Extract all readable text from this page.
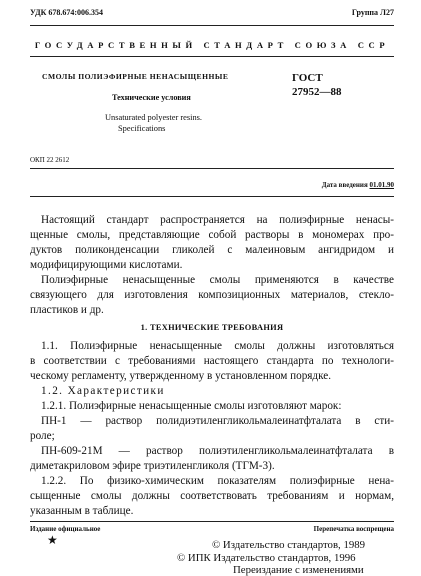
УДК 678.674:006.354	Группа Л27
ГОСУДАРСТВЕННЫЙ СТАНДАРТ СОЮЗА ССР
СМОЛЫ ПОЛИЭФИРНЫЕ НЕНАСЫЩЕННЫЕ
Технические условия
Unsaturated polyester resins.
Specifications
ГОСТ
27952—88
ОКП 22 2612
Дата введения 01.01.90
Настоящий стандарт распространяется на полиэфирные ненасы-
щенные смолы, представляющие собой растворы в мономерах про-
дуктов поликонденсации гликолей с малеиновым ангидридом и
модифицирующими кислотами.
Полиэфирные ненасыщенные смолы применяются в качестве
связующего для изготовления композиционных материалов, стекло-
пластиков и др.
1. ТЕХНИЧЕСКИЕ ТРЕБОВАНИЯ
1.1. Полиэфирные ненасыщенные смолы должны изготовляться
в соответствии с требованиями настоящего стандарта по технологи-
ческому регламенту, утвержденному в установленном порядке.
1.2. Характеристики
1.2.1. Полиэфирные ненасыщенные смолы изготовляют марок:
ПН-1 — раствор полидиэтиленгликольмалеинатфталата в сти-
роле;
ПН-609-21М — раствор полиэтиленгликольмалеинатфталата в
диметакриловом эфире триэтиленгликоля (ТГМ-3).
1.2.2. По физико-химическим показателям полиэфирные нена-
сыщенные смолы должны соответствовать требованиям и нормам,
указанным в таблице.
Издание официальное	Перепечатка воспрещена
★	© Издательство стандартов, 1989
© ИПК Издательство стандартов, 1996
Переиздание с изменениями
